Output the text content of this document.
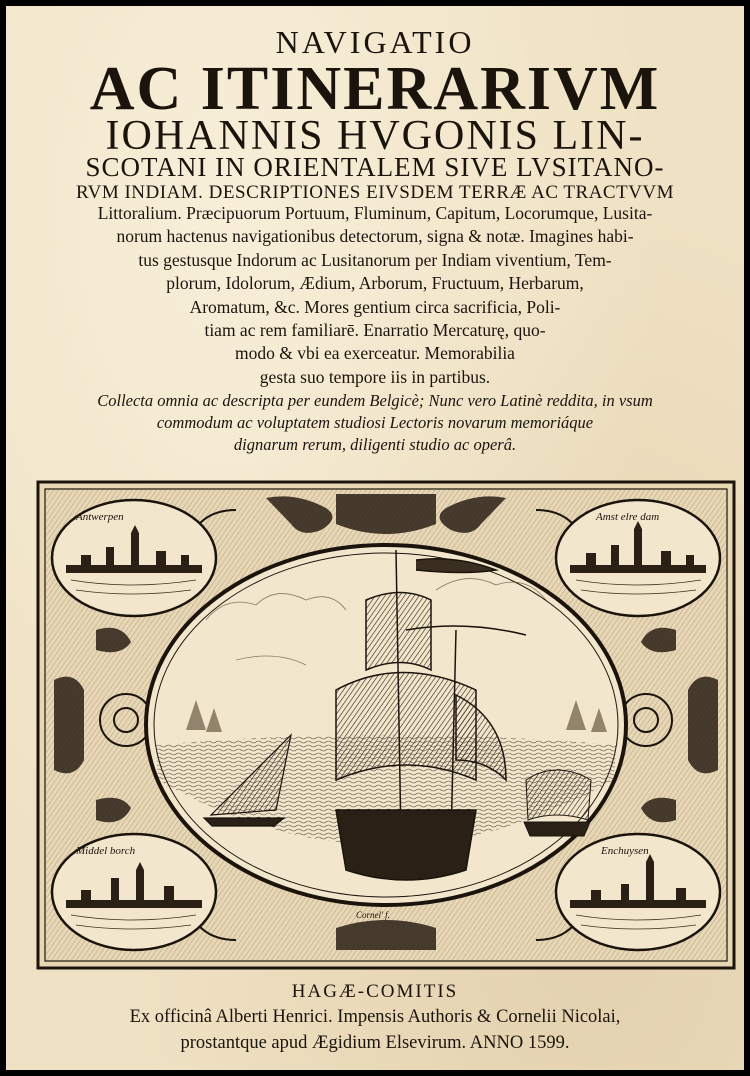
NAVIGATIO
AC ITINERARIVM
IOHANNIS HVGONIS LIN-
SCOTANI IN ORIENTALEM SIVE LVSITANO-
RVM INDIAM. DESCRIPTIONES EIVSDEM TERRÆ AC TRACTVVM
Littoralium. Præcipuorum Portuum, Fluminum, Capitum, Locorumque, Lusita-
norum hactenus navigationibus detectorum, signa & notæ. Imagines habi-
tus gestusque Indorum ac Lusitanorum per Indiam viventium, Tem-
plorum, Idolorum, Ædium, Arborum, Fructuum, Herbarum,
Aromatum, &c. Mores gentium circa sacrificia, Poli-
tiam ac rem familiarē. Enarratio Mercaturę, quo-
modo & vbi ea exerceatur. Memorabilia
gesta suo tempore iis in partibus.
Collecta omnia ac descripta per eundem Belgicè; Nunc vero Latinè reddita, in vsum
commodum ac voluptatem studiosi Lectoris novarum memoriáque
dignarum rerum, diligenti studio ac operâ.
Antwerpen	Amst elre dam
Middel borch	Enchuysen
Cornel' f.
HAGÆ-COMITIS
Ex officinâ Alberti Henrici. Impensis Authoris & Cornelii Nicolai,
prostantque apud Ægidium Elsevirum. ANNO 1599.
